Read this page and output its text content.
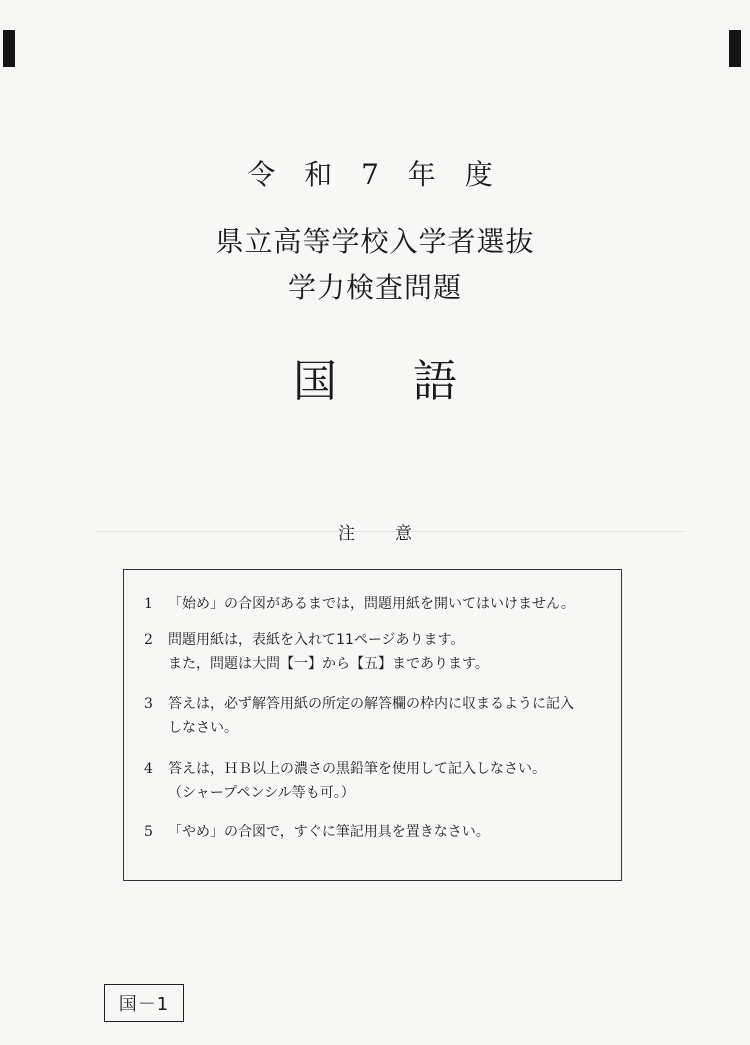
令 和 7 年 度
県立高等学校入学者選抜
学力検査問題
国 語
注 意
1 「始め」の合図があるまでは，問題用紙を開いてはいけません。
2 問題用紙は，表紙を入れて11ページあります。
また，問題は大問【一】から【五】まであります。
3 答えは，必ず解答用紙の所定の解答欄の枠内に収まるように記入
しなさい。
4 答えは，ＨＢ以上の濃さの黒鉛筆を使用して記入しなさい。
（シャープペンシル等も可。）
5 「やめ」の合図で，すぐに筆記用具を置きなさい。
国－1
